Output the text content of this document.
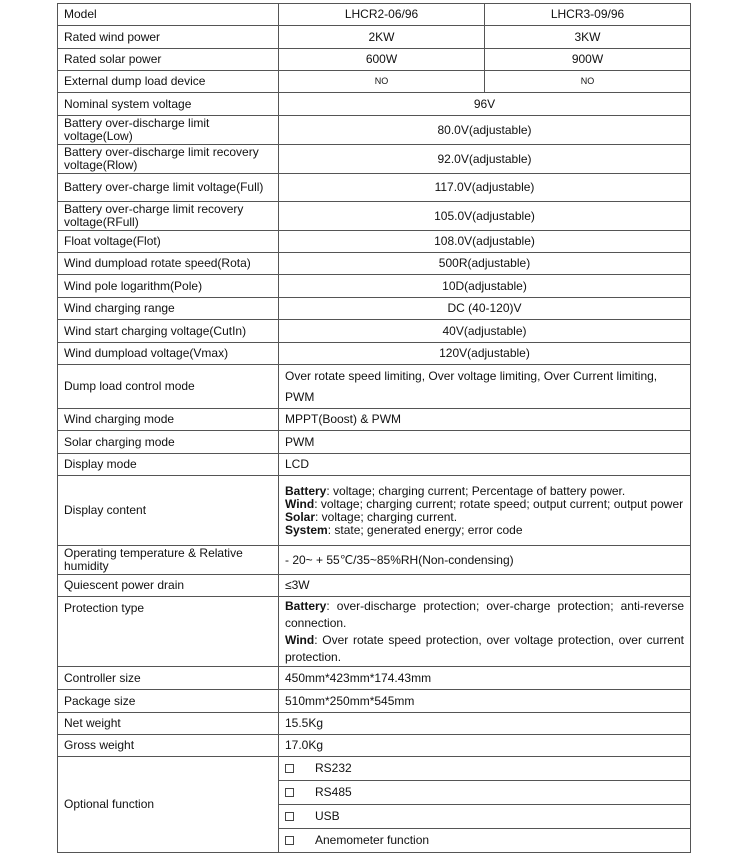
Model	LHCR2-06/96	LHCR3-09/96
Rated wind power	2KW	3KW
Rated solar power	600W	900W
External dump load device	NO	NO
Nominal system voltage	96V	
Battery over-discharge limit voltage(Low)	80.0V(adjustable)	
Battery over-discharge limit recovery voltage(Rlow)	92.0V(adjustable)	
Battery over-charge limit voltage(Full)	117.0V(adjustable)	
Battery over-charge limit recovery voltage(RFull)	105.0V(adjustable)	
Float voltage(Flot)	108.0V(adjustable)	
Wind dumpload rotate speed(Rota)	500R(adjustable)	
Wind pole logarithm(Pole)	10D(adjustable)	
Wind charging range	DC (40-120)V	
Wind start charging voltage(CutIn)	40V(adjustable)	
Wind dumpload voltage(Vmax)	120V(adjustable)	
Dump load control mode	Over rotate speed limiting, Over voltage limiting, Over Current limiting, PWM	
Wind charging mode	MPPT(Boost) & PWM	
Solar charging mode	PWM	
Display mode	LCD	
Display content	Battery: voltage; charging current; Percentage of battery power.
Wind: voltage; charging current; rotate speed; output current; output power
Solar: voltage; charging current.
System: state; generated energy; error code	

Operating temperature & Relative humidity	- 20~ + 55℃/35~85%RH(Non-condensing)	
Quiescent power drain	≤3W	
Protection type	Battery: over-discharge protection; over-charge protection; anti-reverse connection.
Wind: Over rotate speed protection, over voltage protection, over current protection.	

Controller size	450mm*423mm*174.43mm	
Package size	510mm*250mm*545mm	
Net weight	15.5Kg	
Gross weight	17.0Kg	
Optional function	RS232	

	RS485	

	USB	

	Anemometer function	
